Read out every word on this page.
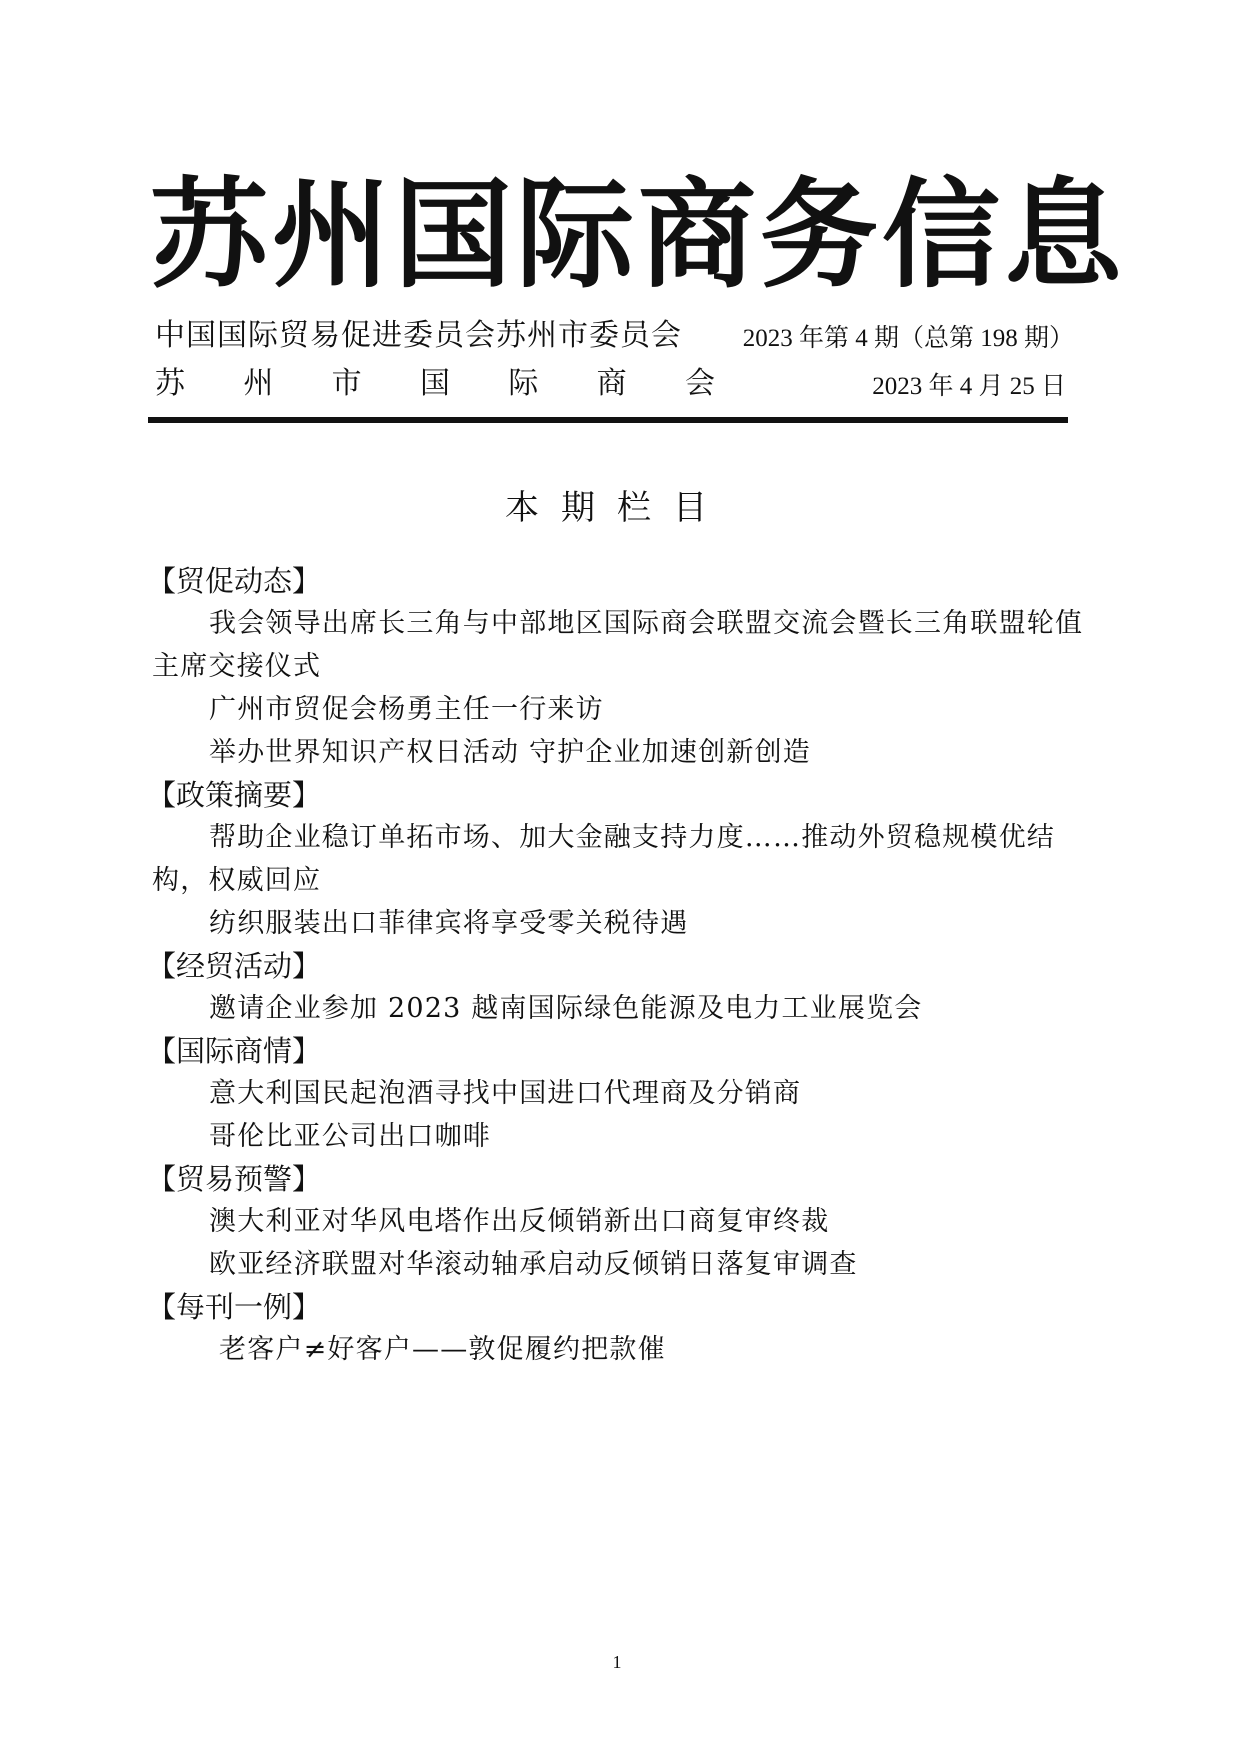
苏州国际商务信息
中国国际贸易促进委员会苏州市委员会
苏 州 市 国 际 商 会
2023 年第 4 期（总第 198 期）
2023 年 4 月 25 日
本期栏目
【贸促动态】

我会领导出席长三角与中部地区国际商会联盟交流会暨长三角联盟轮值主席交接仪式

广州市贸促会杨勇主任一行来访

举办世界知识产权日活动 守护企业加速创新创造

【政策摘要】

帮助企业稳订单拓市场、加大金融支持力度……推动外贸稳规模优结构，权威回应

纺织服装出口菲律宾将享受零关税待遇

【经贸活动】

邀请企业参加 2023 越南国际绿色能源及电力工业展览会

【国际商情】

意大利国民起泡酒寻找中国进口代理商及分销商

哥伦比亚公司出口咖啡

【贸易预警】

澳大利亚对华风电塔作出反倾销新出口商复审终裁

欧亚经济联盟对华滚动轴承启动反倾销日落复审调查

【每刊一例】

老客户≠好客户——敦促履约把款催

1
